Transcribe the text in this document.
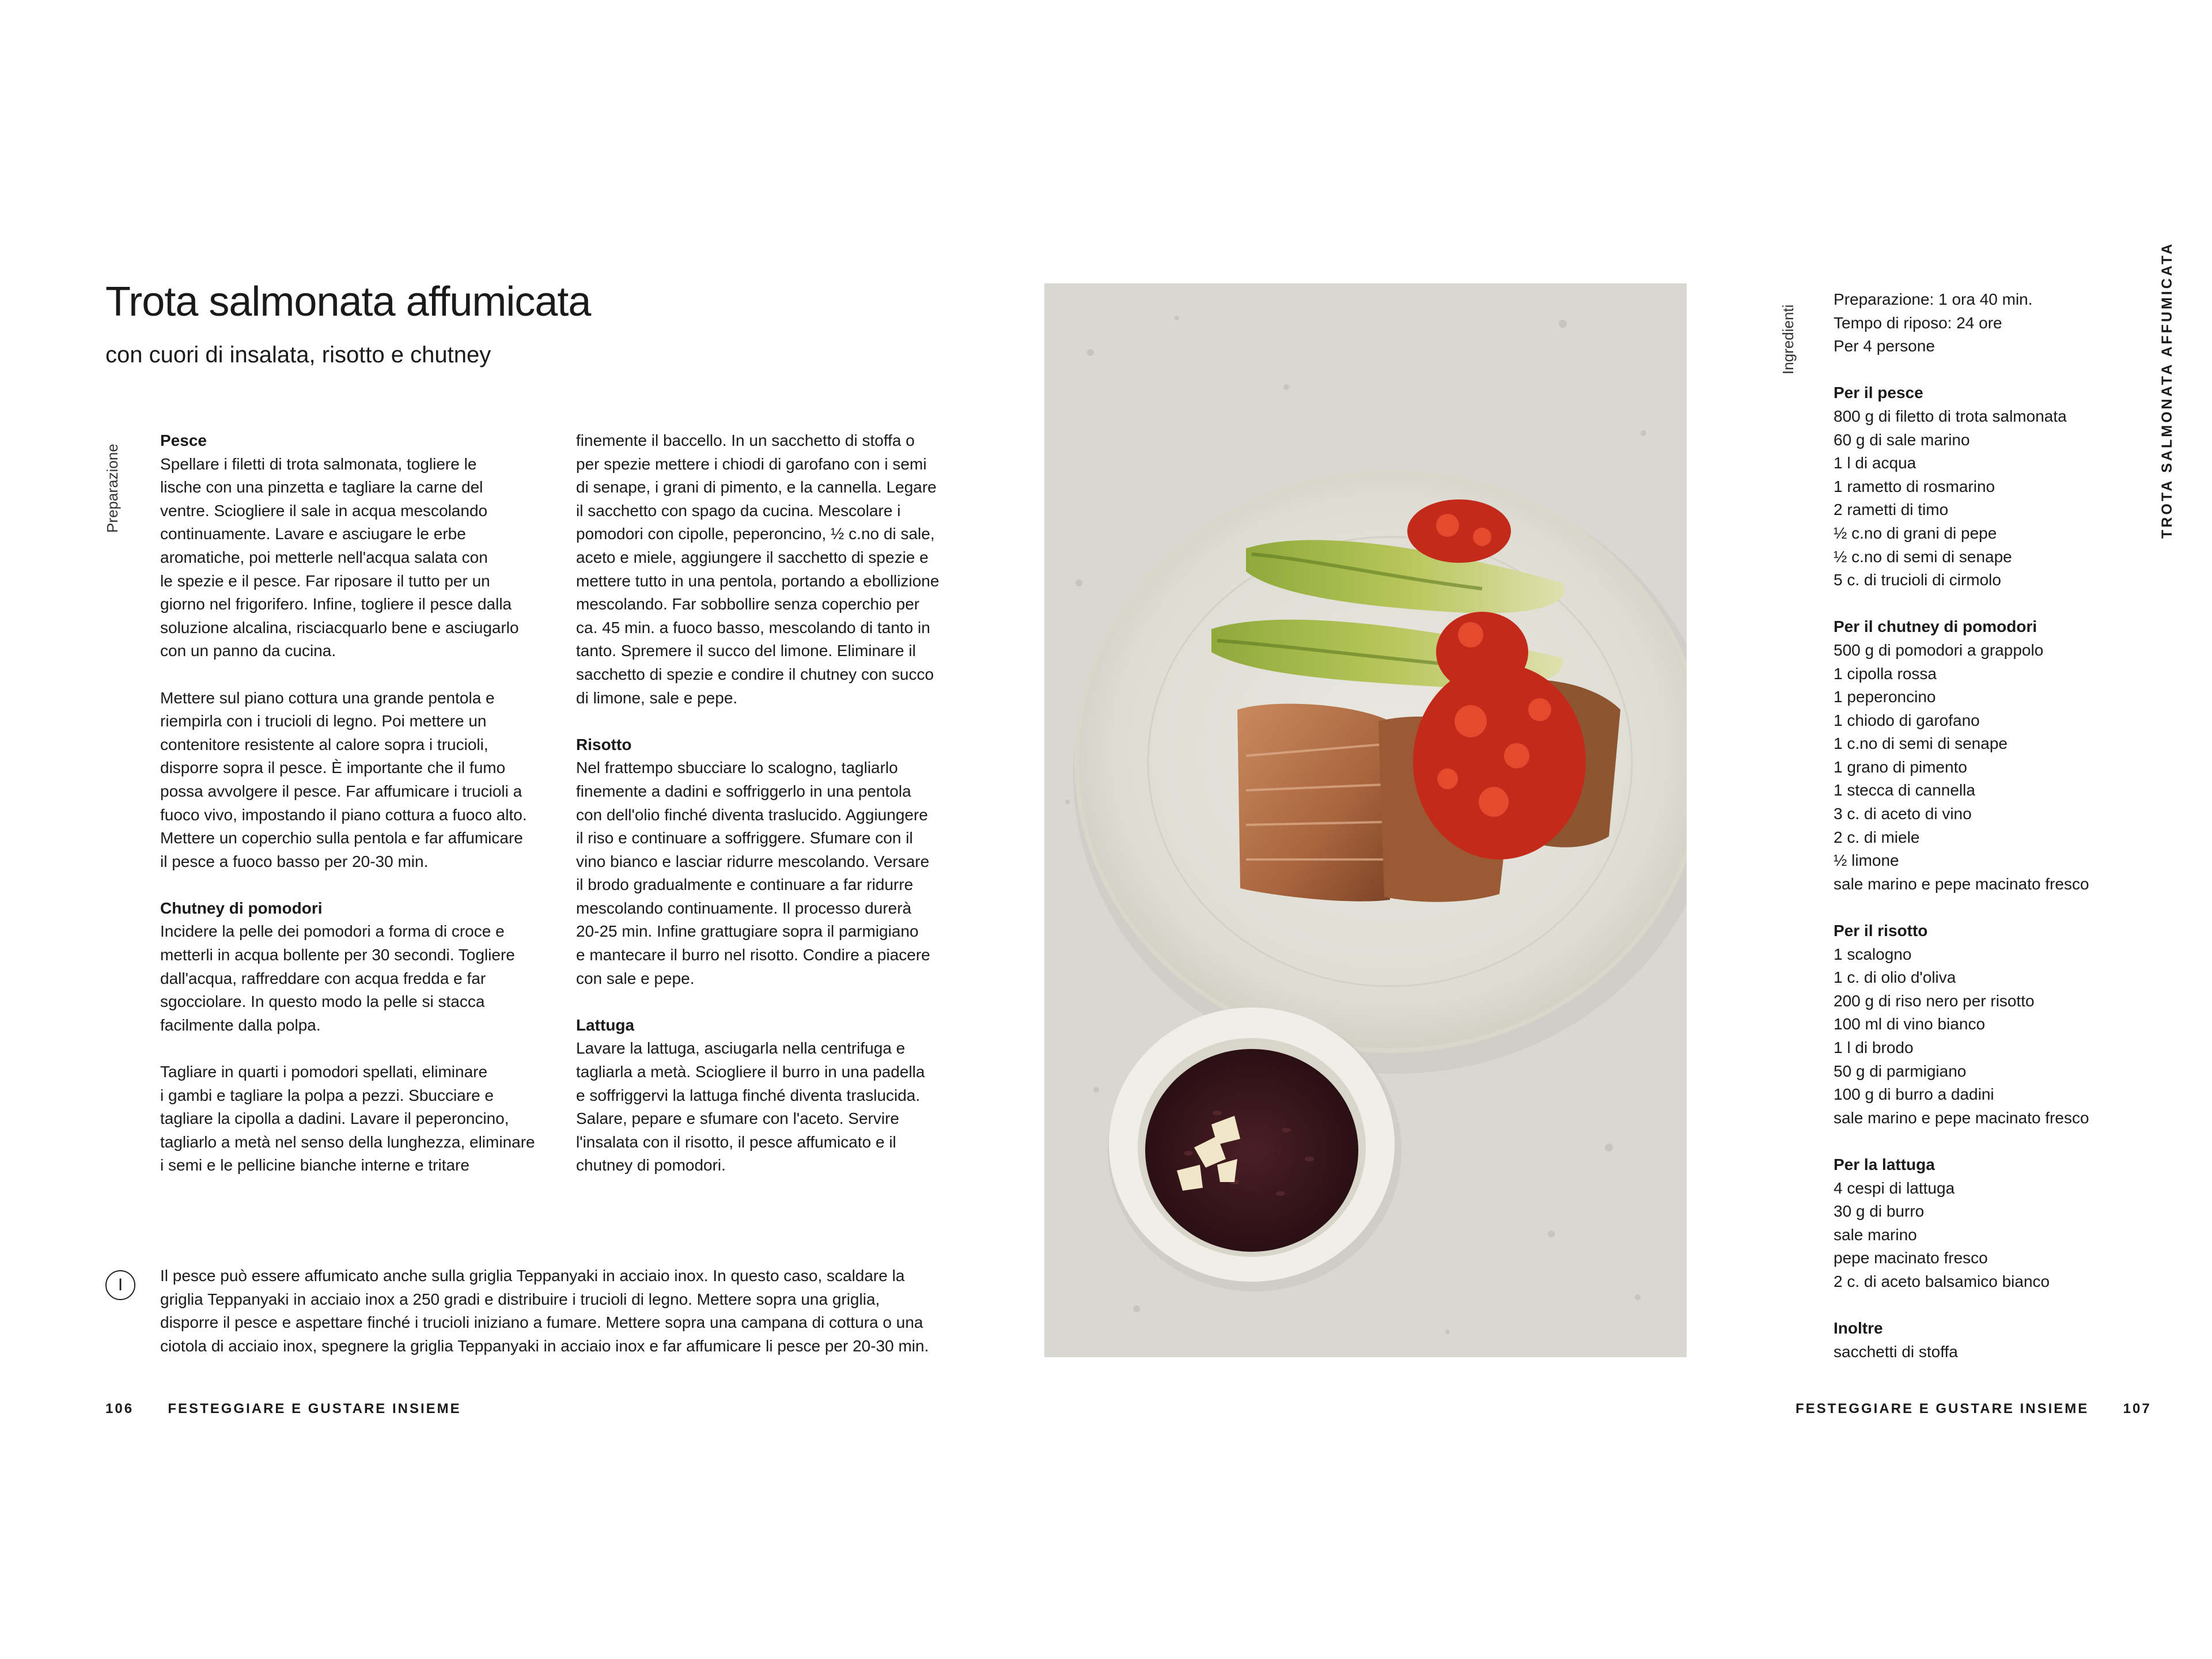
Trota salmonata affumicata
con cuori di insalata, risotto e chutney
Preparazione
Pesce
Spellare i filetti di trota salmonata, togliere le
lische con una pinzetta e tagliare la carne del
ventre. Sciogliere il sale in acqua mescolando
continuamente. Lavare e asciugare le erbe
aromatiche, poi metterle nell'acqua salata con
le spezie e il pesce. Far riposare il tutto per un
giorno nel frigorifero. Infine, togliere il pesce dalla
soluzione alcalina, risciacquarlo bene e asciugarlo
con un panno da cucina.
Mettere sul piano cottura una grande pentola e
riempirla con i trucioli di legno. Poi mettere un
contenitore resistente al calore sopra i trucioli,
disporre sopra il pesce. È importante che il fumo
possa avvolgere il pesce. Far affumicare i trucioli a
fuoco vivo, impostando il piano cottura a fuoco alto.
Mettere un coperchio sulla pentola e far affumicare
il pesce a fuoco basso per 20-30 min.
Chutney di pomodori
Incidere la pelle dei pomodori a forma di croce e
metterli in acqua bollente per 30 secondi. Togliere
dall'acqua, raffreddare con acqua fredda e far
sgocciolare. In questo modo la pelle si stacca
facilmente dalla polpa.
Tagliare in quarti i pomodori spellati, eliminare
i gambi e tagliare la polpa a pezzi. Sbucciare e
tagliare la cipolla a dadini. Lavare il peperoncino,
tagliarlo a metà nel senso della lunghezza, eliminare
i semi e le pellicine bianche interne e tritare
finemente il baccello. In un sacchetto di stoffa o
per spezie mettere i chiodi di garofano con i semi
di senape, i grani di pimento, e la cannella. Legare
il sacchetto con spago da cucina. Mescolare i
pomodori con cipolle, peperoncino, ½ c.no di sale,
aceto e miele, aggiungere il sacchetto di spezie e
mettere tutto in una pentola, portando a ebollizione
mescolando. Far sobbollire senza coperchio per
ca. 45 min. a fuoco basso, mescolando di tanto in
tanto. Spremere il succo del limone. Eliminare il
sacchetto di spezie e condire il chutney con succo
di limone, sale e pepe.
Risotto
Nel frattempo sbucciare lo scalogno, tagliarlo
finemente a dadini e soffriggerlo in una pentola
con dell'olio finché diventa traslucido. Aggiungere
il riso e continuare a soffriggere. Sfumare con il
vino bianco e lasciar ridurre mescolando. Versare
il brodo gradualmente e continuare a far ridurre
mescolando continuamente. Il processo durerà
20-25 min. Infine grattugiare sopra il parmigiano
e mantecare il burro nel risotto. Condire a piacere
con sale e pepe.
Lattuga
Lavare la lattuga, asciugarla nella centrifuga e
tagliarla a metà. Sciogliere il burro in una padella
e soffriggervi la lattuga finché diventa traslucida.
Salare, pepare e sfumare con l'aceto. Servire
l'insalata con il risotto, il pesce affumicato e il
chutney di pomodori.
I	Il pesce può essere affumicato anche sulla griglia Teppanyaki in acciaio inox. In questo caso, scaldare la
griglia Teppanyaki in acciaio inox a 250 gradi e distribuire i trucioli di legno. Mettere sopra una griglia,
disporre il pesce e aspettare finché i trucioli iniziano a fumare. Mettere sopra una campana di cottura o una
ciotola di acciaio inox, spegnere la griglia Teppanyaki in acciaio inox e far affumicare li pesce per 20-30 min.
106 FESTEGGIARE E GUSTARE INSIEME	FESTEGGIARE E GUSTARE INSIEME 107
Ingredienti
Preparazione: 1 ora 40 min.
Tempo di riposo: 24 ore
Per 4 persone
Per il pesce
800 g di filetto di trota salmonata
60 g di sale marino
1 l di acqua
1 rametto di rosmarino
2 rametti di timo
½ c.no di grani di pepe
½ c.no di semi di senape
5 c. di trucioli di cirmolo
Per il chutney di pomodori
500 g di pomodori a grappolo
1 cipolla rossa
1 peperoncino
1 chiodo di garofano
1 c.no di semi di senape
1 grano di pimento
1 stecca di cannella
3 c. di aceto di vino
2 c. di miele
½ limone
sale marino e pepe macinato fresco
Per il risotto
1 scalogno
1 c. di olio d'oliva
200 g di riso nero per risotto
100 ml di vino bianco
1 l di brodo
50 g di parmigiano
100 g di burro a dadini
sale marino e pepe macinato fresco
Per la lattuga
4 cespi di lattuga
30 g di burro
sale marino
pepe macinato fresco
2 c. di aceto balsamico bianco
Inoltre
sacchetti di stoffa
TROTA SALMONATA AFFUMICATA
